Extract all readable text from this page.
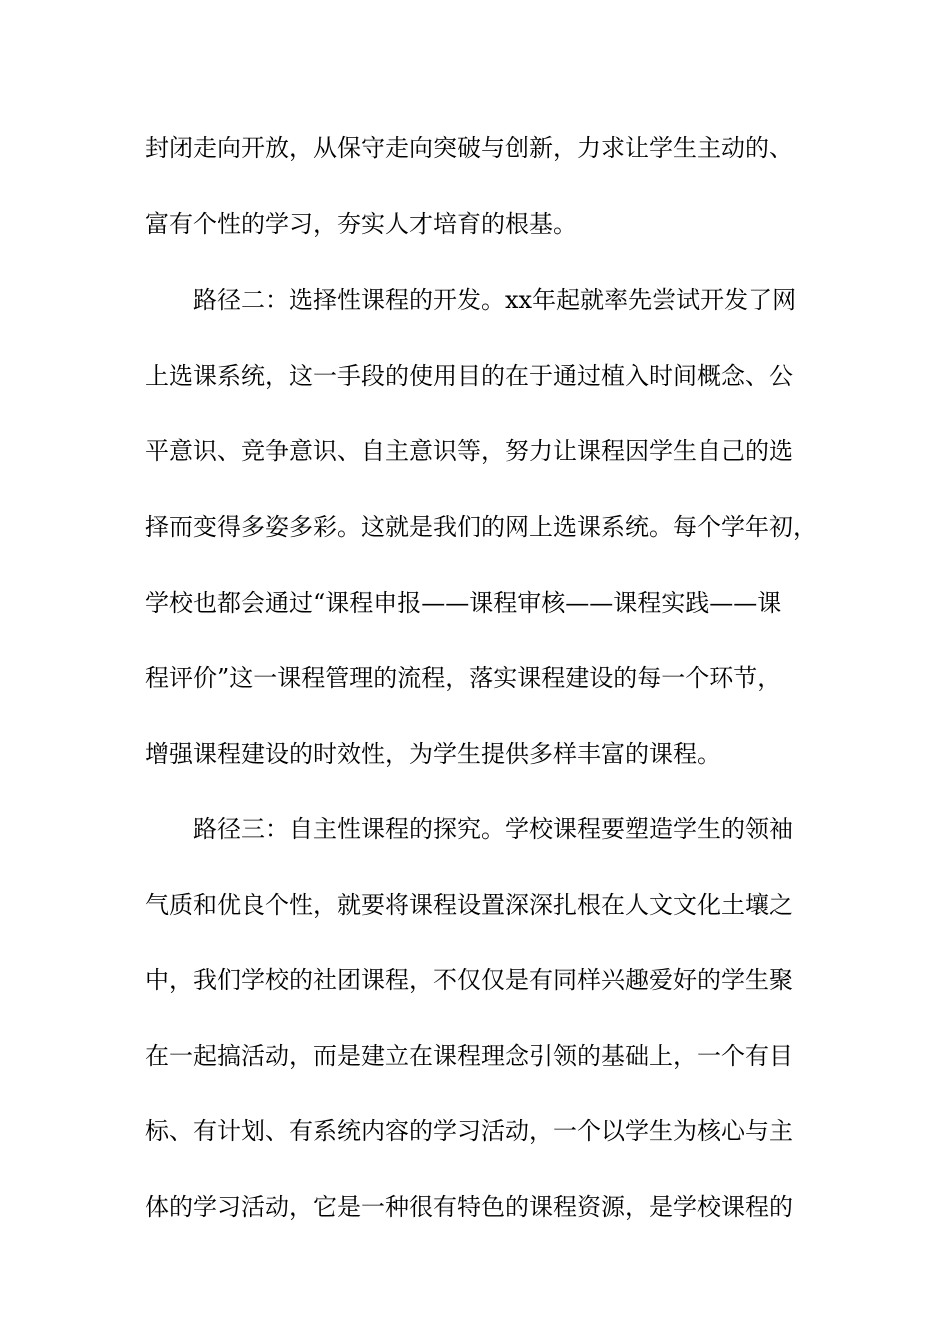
封闭走向开放，从保守走向突破与创新，力求让学生主动的、

富有个性的学习，夯实人才培育的根基。

路径二：选择性课程的开发。xx年起就率先尝试开发了网

上选课系统，这一手段的使用目的在于通过植入时间概念、公

平意识、竞争意识、自主意识等，努力让课程因学生自己的选

择而变得多姿多彩。这就是我们的网上选课系统。每个学年初，

学校也都会通过“课程申报——课程审核——课程实践——课

程评价”这一课程管理的流程，落实课程建设的每一个环节，

增强课程建设的时效性，为学生提供多样丰富的课程。

路径三：自主性课程的探究。学校课程要塑造学生的领袖

气质和优良个性，就要将课程设置深深扎根在人文文化土壤之

中，我们学校的社团课程，不仅仅是有同样兴趣爱好的学生聚

在一起搞活动，而是建立在课程理念引领的基础上，一个有目

标、有计划、有系统内容的学习活动，一个以学生为核心与主

体的学习活动，它是一种很有特色的课程资源，是学校课程的
